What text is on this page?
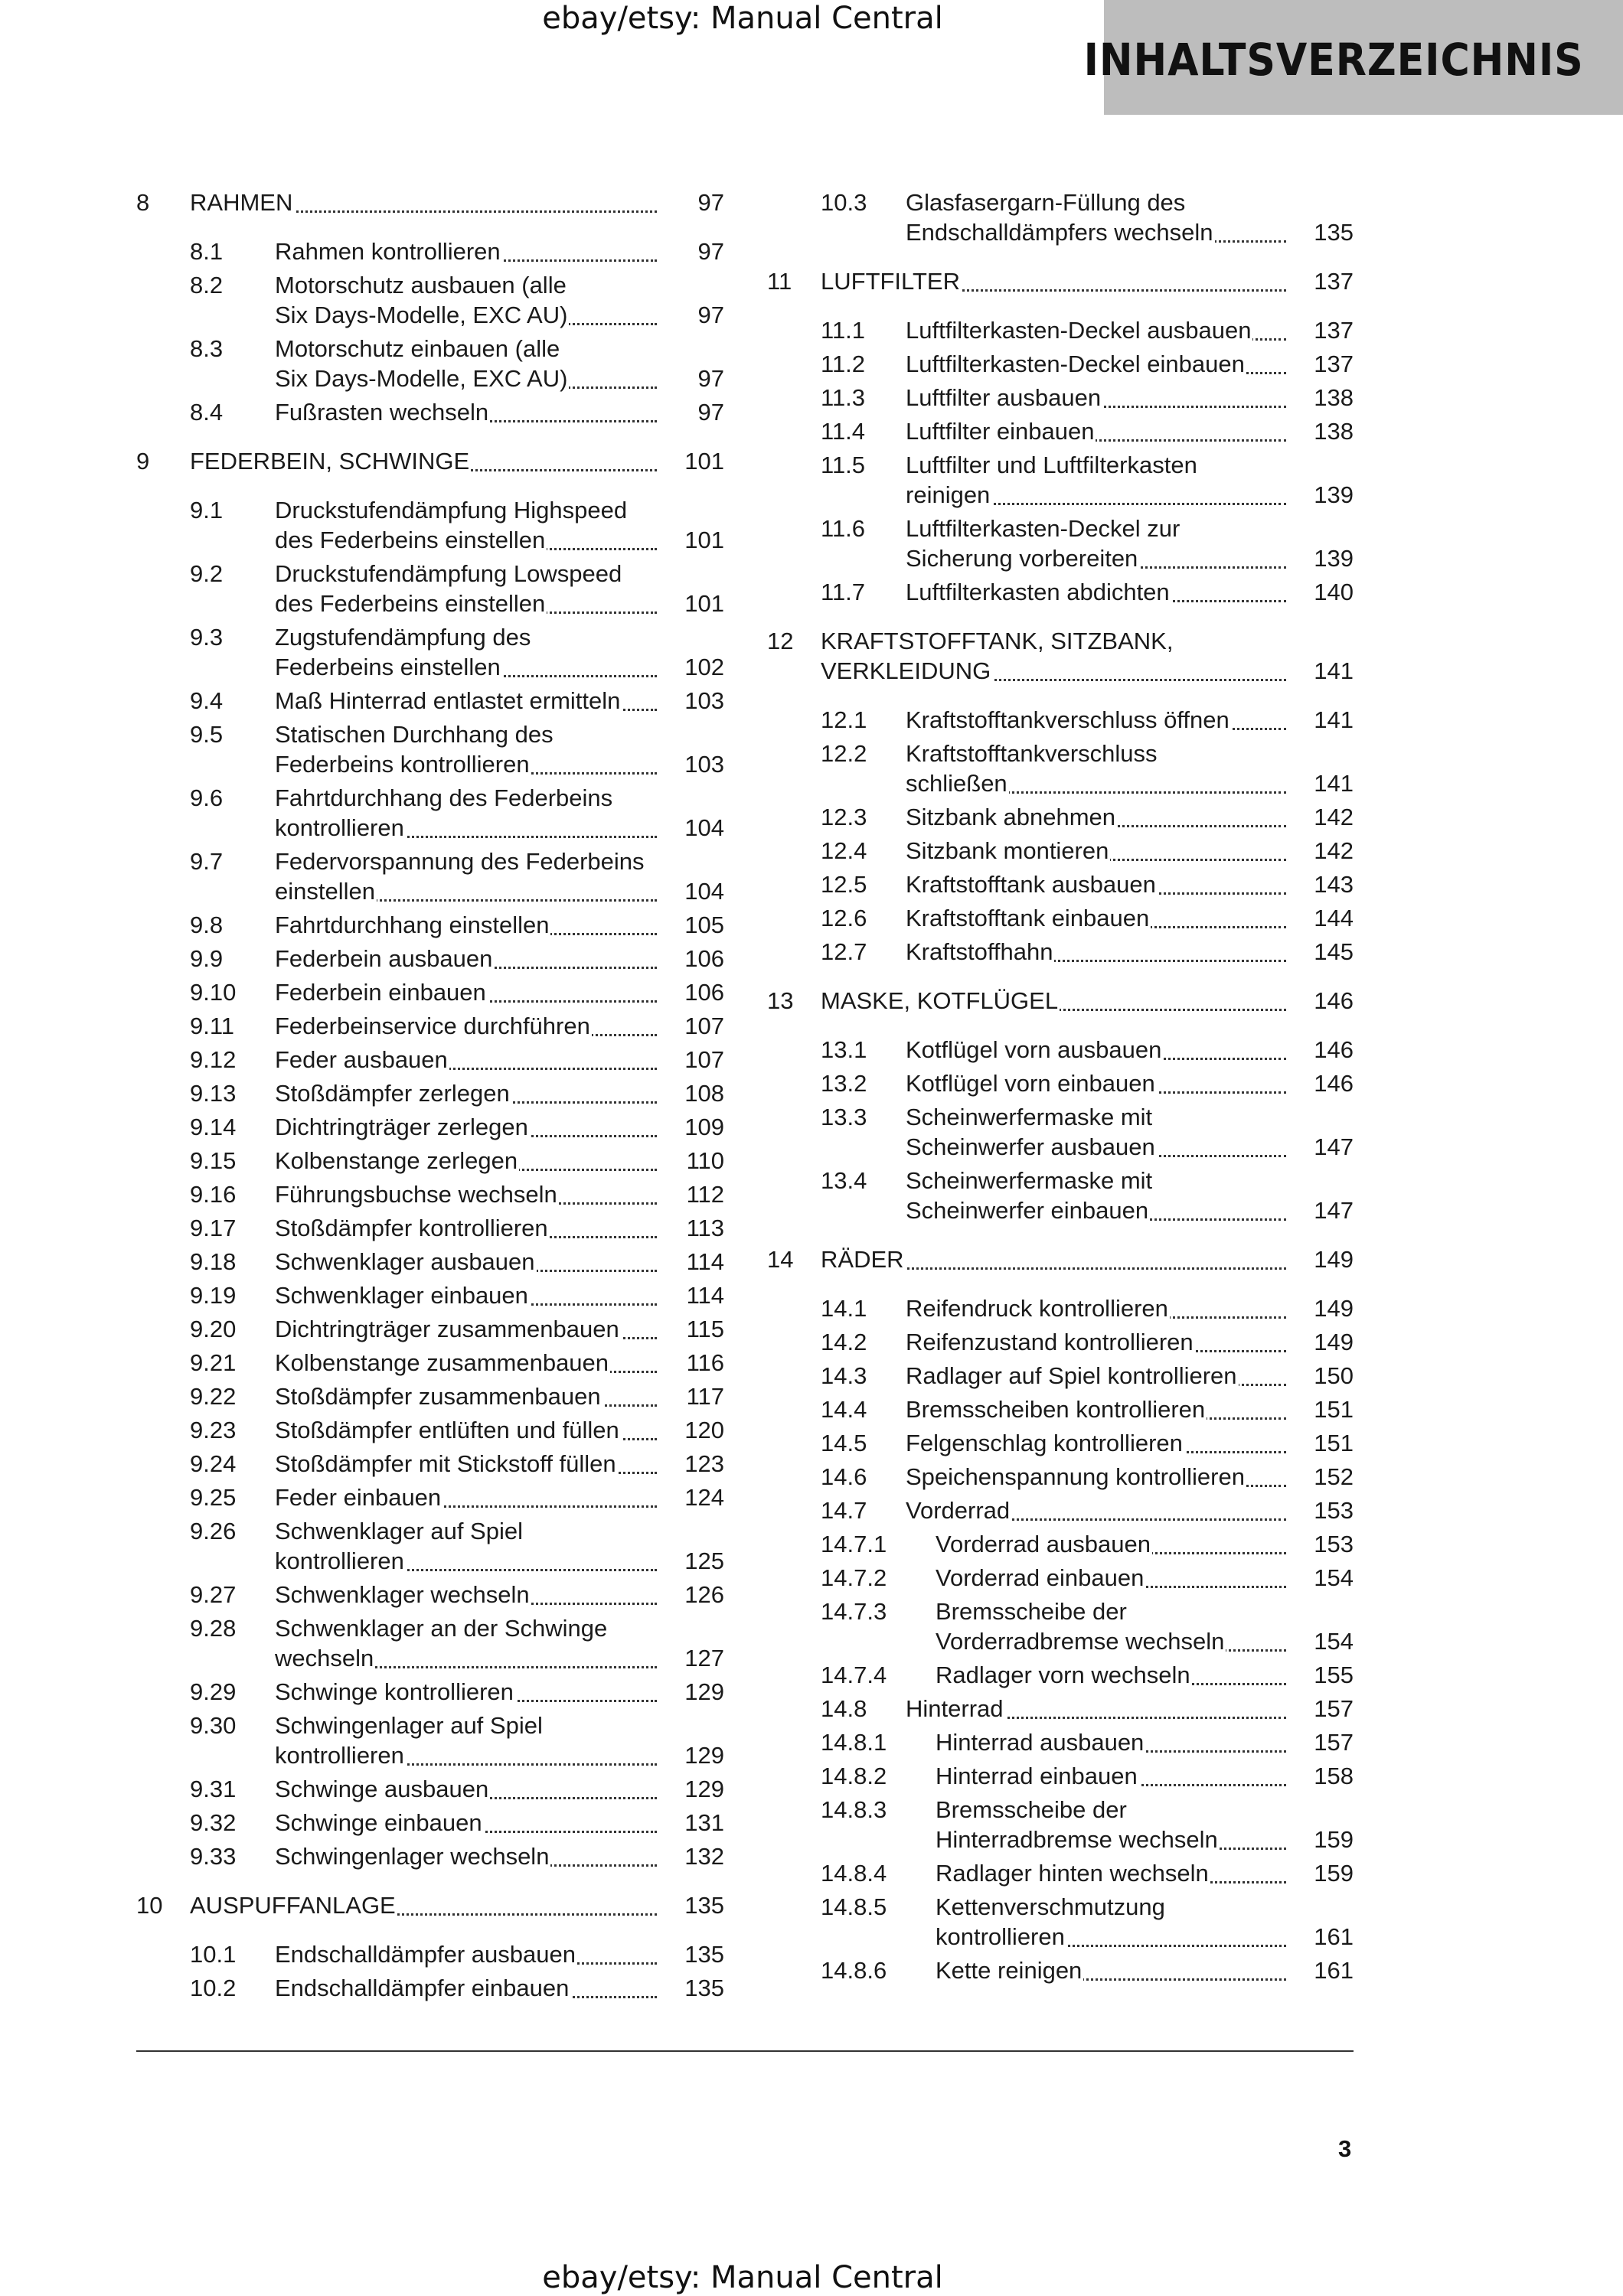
ebay/etsy: Manual Central
INHALTSVERZEICHNIS
8 RAHMEN	97
8.1 Rahmen kontrollieren	97
8.2 Motorschutz ausbauen (alle
Six Days-Modelle, EXC AU)	97
8.3 Motorschutz einbauen (alle
Six Days-Modelle, EXC AU)	97
8.4 Fußrasten wechseln	97
9 FEDERBEIN, SCHWINGE	101
9.1 Druckstufendämpfung Highspeed
des Federbeins einstellen	101
9.2 Druckstufendämpfung Lowspeed
des Federbeins einstellen	101
9.3 Zugstufendämpfung des
Federbeins einstellen	102
9.4 Maß Hinterrad entlastet ermitteln	103
9.5 Statischen Durchhang des
Federbeins kontrollieren	103
9.6 Fahrtdurchhang des Federbeins
kontrollieren	104
9.7 Federvorspannung des Federbeins
einstellen	104
9.8 Fahrtdurchhang einstellen	105
9.9 Federbein ausbauen	106
9.10 Federbein einbauen	106
9.11 Federbeinservice durchführen	107
9.12 Feder ausbauen	107
9.13 Stoßdämpfer zerlegen	108
9.14 Dichtringträger zerlegen	109
9.15 Kolbenstange zerlegen	110
9.16 Führungsbuchse wechseln	112
9.17 Stoßdämpfer kontrollieren	113
9.18 Schwenklager ausbauen	114
9.19 Schwenklager einbauen	114
9.20 Dichtringträger zusammenbauen	115
9.21 Kolbenstange zusammenbauen	116
9.22 Stoßdämpfer zusammenbauen	117
9.23 Stoßdämpfer entlüften und füllen	120
9.24 Stoßdämpfer mit Stickstoff füllen	123
9.25 Feder einbauen	124
9.26 Schwenklager auf Spiel
kontrollieren	125
9.27 Schwenklager wechseln	126
9.28 Schwenklager an der Schwinge
wechseln	127
9.29 Schwinge kontrollieren	129
9.30 Schwingenlager auf Spiel
kontrollieren	129
9.31 Schwinge ausbauen	129
9.32 Schwinge einbauen	131
9.33 Schwingenlager wechseln	132
10 AUSPUFFANLAGE	135
10.1 Endschalldämpfer ausbauen	135
10.2 Endschalldämpfer einbauen	135
10.3 Glasfasergarn-Füllung des
Endschalldämpfers wechseln	135
11 LUFTFILTER	137
11.1 Luftfilterkasten-Deckel ausbauen	137
11.2 Luftfilterkasten-Deckel einbauen	137
11.3 Luftfilter ausbauen	138
11.4 Luftfilter einbauen	138
11.5 Luftfilter und Luftfilterkasten
reinigen	139
11.6 Luftfilterkasten-Deckel zur
Sicherung vorbereiten	139
11.7 Luftfilterkasten abdichten	140
12 KRAFTSTOFFTANK, SITZBANK,
VERKLEIDUNG	141
12.1 Kraftstofftankverschluss öffnen	141
12.2 Kraftstofftankverschluss
schließen	141
12.3 Sitzbank abnehmen	142
12.4 Sitzbank montieren	142
12.5 Kraftstofftank ausbauen	143
12.6 Kraftstofftank einbauen	144
12.7 Kraftstoffhahn	145
13 MASKE, KOTFLÜGEL	146
13.1 Kotflügel vorn ausbauen	146
13.2 Kotflügel vorn einbauen	146
13.3 Scheinwerfermaske mit
Scheinwerfer ausbauen	147
13.4 Scheinwerfermaske mit
Scheinwerfer einbauen	147
14 RÄDER	149
14.1 Reifendruck kontrollieren	149
14.2 Reifenzustand kontrollieren	149
14.3 Radlager auf Spiel kontrollieren	150
14.4 Bremsscheiben kontrollieren	151
14.5 Felgenschlag kontrollieren	151
14.6 Speichenspannung kontrollieren	152
14.7 Vorderrad	153
14.7.1 Vorderrad ausbauen	153
14.7.2 Vorderrad einbauen	154
14.7.3 Bremsscheibe der
Vorderradbremse wechseln	154
14.7.4 Radlager vorn wechseln	155
14.8 Hinterrad	157
14.8.1 Hinterrad ausbauen	157
14.8.2 Hinterrad einbauen	158
14.8.3 Bremsscheibe der
Hinterradbremse wechseln	159
14.8.4 Radlager hinten wechseln	159
14.8.5 Kettenverschmutzung
kontrollieren	161
14.8.6 Kette reinigen	161
3
ebay/etsy: Manual Central
